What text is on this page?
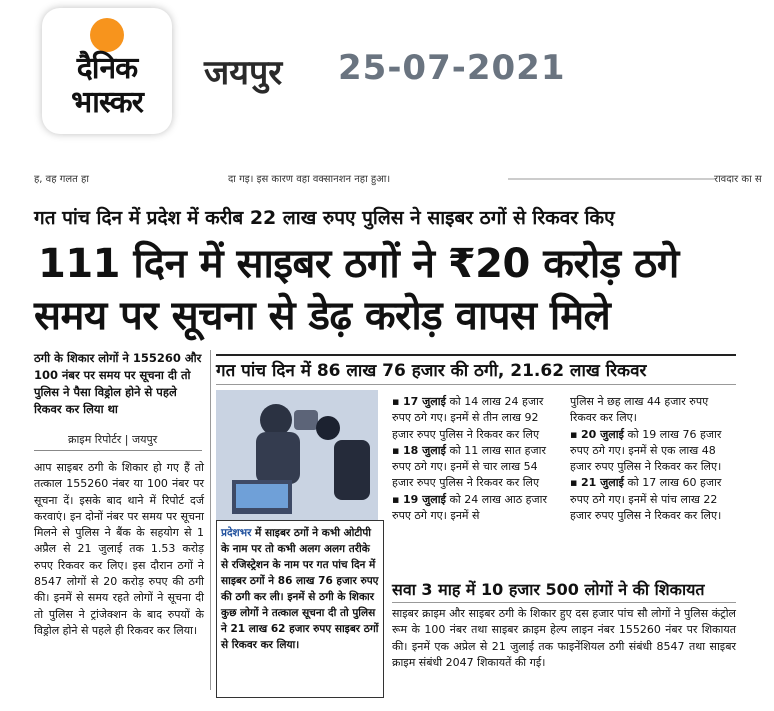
दैनिक
भास्कर
जयपुर 25-07-2021
ह, वह गलत हा	दा गइ। इस कारण वहा वक्सानशन नहा हुआ।	रावदार का स
गत पांच दिन में प्रदेश में करीब 22 लाख रुपए पुलिस ने साइबर ठगों से रिकवर किए
111 दिन में साइबर ठगों ने ₹20 करोड़ ठगे
समय पर सूचना से डेढ़ करोड़ वापस मिले
ठगी के शिकार लोगों ने 155260 और 100 नंबर पर समय पर सूचना दी तो पुलिस ने पैसा विड्रोल होने से पहले रिकवर कर लिया था
क्राइम रिपोर्टर | जयपुर
आप साइबर ठगी के शिकार हो गए हैं तो तत्काल 155260 नंबर या 100 नंबर पर सूचना दें। इसके बाद थाने में रिपोर्ट दर्ज करवाएं। इन दोनों नंबर पर समय पर सूचना मिलने से पुलिस ने बैंक के सहयोग से 1 अप्रैल से 21 जुलाई तक 1.53 करोड़ रुपए रिकवर कर लिए। इस दौरान ठगों ने 8547 लोगों से 20 करोड़ रुपए की ठगी की। इनमें से समय रहते लोगों ने सूचना दी तो पुलिस ने ट्रांजेक्शन के बाद रुपयों के विड्रोल होने से पहले ही रिकवर कर लिया।
गत पांच दिन में 86 लाख 76 हजार की ठगी, 21.62 लाख रिकवर
प्रदेशभर में साइबर ठगों ने कभी ओटीपी के नाम पर तो कभी अलग अलग तरीके से रजिस्ट्रेशन के नाम पर गत पांच दिन में साइबर ठगों ने 86 लाख 76 हजार रुपए की ठगी कर ली। इनमें से ठगी के शिकार कुछ लोगों ने तत्काल सूचना दी तो पुलिस ने 21 लाख 62 हजार रुपए साइबर ठगों से रिकवर कर लिया।

▪ 17 जुलाई को 14 लाख 24 हजार रुपए ठगे गए। इनमें से तीन लाख 92 हजार रुपए पुलिस ने रिकवर कर लिए

▪ 18 जुलाई को 11 लाख सात हजार रुपए ठगे गए। इनमें से चार लाख 54 हजार रुपए पुलिस ने रिकवर कर लिए

▪ 19 जुलाई को 24 लाख आठ हजार रुपए ठगे गए। इनमें से

पुलिस ने छह लाख 44 हजार रुपए रिकवर कर लिए।

▪ 20 जुलाई को 19 लाख 76 हजार रुपए ठगे गए। इनमें से एक लाख 48 हजार रुपए पुलिस ने रिकवर कर लिए।

▪ 21 जुलाई को 17 लाख 60 हजार रुपए ठगे गए। इनमें से पांच लाख 22 हजार रुपए पुलिस ने रिकवर कर लिए।

सवा 3 माह में 10 हजार 500 लोगों ने की शिकायत
साइबर क्राइम और साइबर ठगी के शिकार हुए दस हजार पांच सौ लोगों ने पुलिस कंट्रोल रूम के 100 नंबर तथा साइबर क्राइम हेल्प लाइन नंबर 155260 नंबर पर शिकायत की। इनमें एक अप्रेल से 21 जुलाई तक फाइनेंशियल ठगी संबंधी 8547 तथा साइबर क्राइम संबंधी 2047 शिकायतें की गई।
